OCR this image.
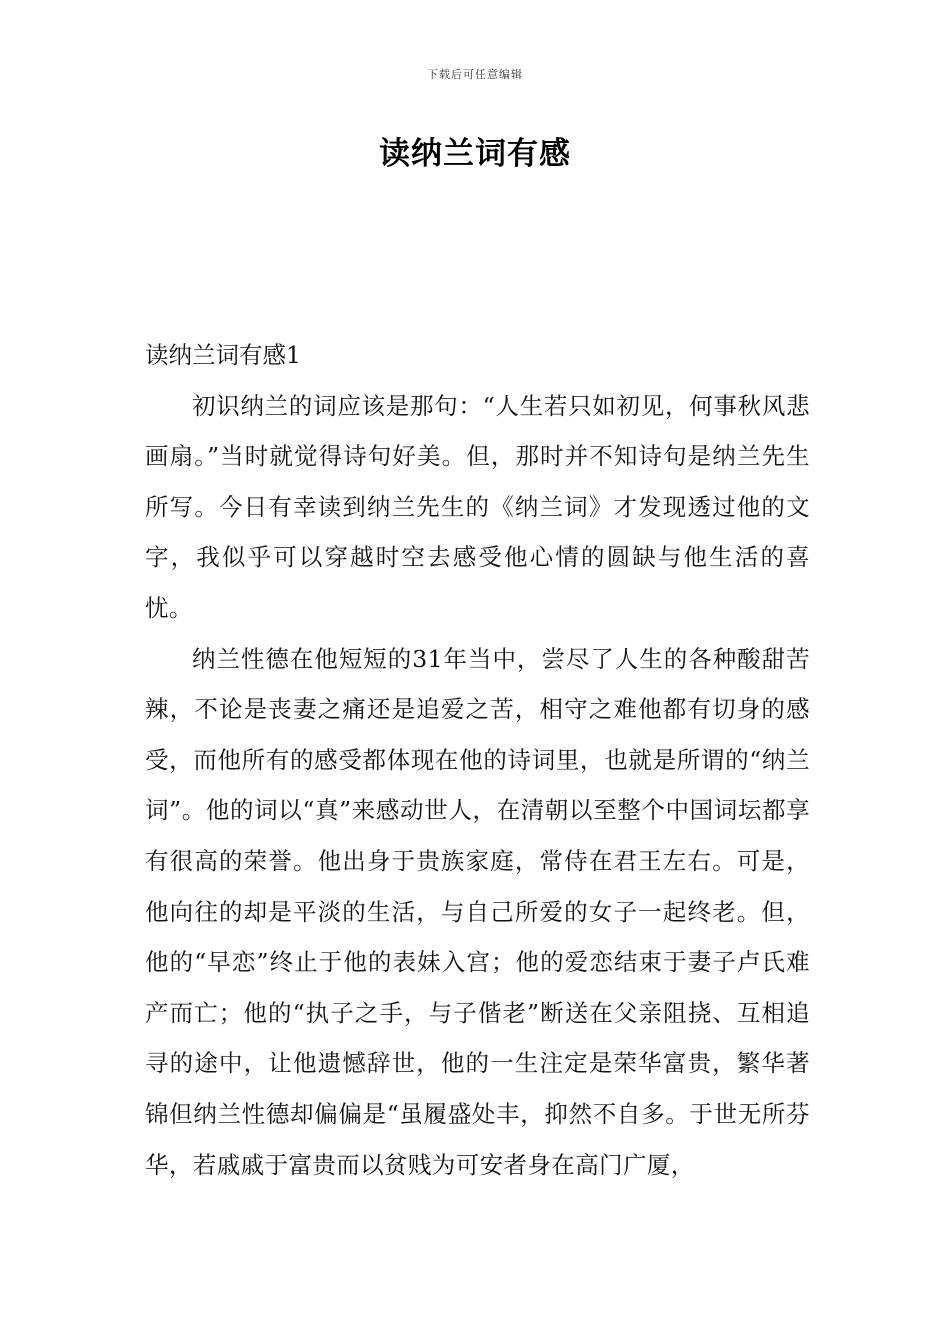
下载后可任意编辑
读纳兰词有感

读纳兰词有感1

初识纳兰的词应该是那句：“人生若只如初见，何事秋风悲画扇。”当时就觉得诗句好美。但，那时并不知诗句是纳兰先生所写。今日有幸读到纳兰先生的《纳兰词》才发现透过他的文字，我似乎可以穿越时空去感受他心情的圆缺与他生活的喜忧。

纳兰性德在他短短的31年当中，尝尽了人生的各种酸甜苦辣，不论是丧妻之痛还是追爱之苦，相守之难他都有切身的感受，而他所有的感受都体现在他的诗词里，也就是所谓的“纳兰词”。他的词以“真”来感动世人，在清朝以至整个中国词坛都享有很高的荣誉。他出身于贵族家庭，常侍在君王左右。可是，他向往的却是平淡的生活，与自己所爱的女子一起终老。但，他的“早恋”终止于他的表妹入宫；他的爱恋结束于妻子卢氏难产而亡；他的“执子之手，与子偕老”断送在父亲阻挠、互相追寻的途中，让他遗憾辞世，他的一生注定是荣华富贵，繁华著锦但纳兰性德却偏偏是“虽履盛处丰，抑然不自多。于世无所芬华，若戚戚于富贵而以贫贱为可安者身在高门广厦，
